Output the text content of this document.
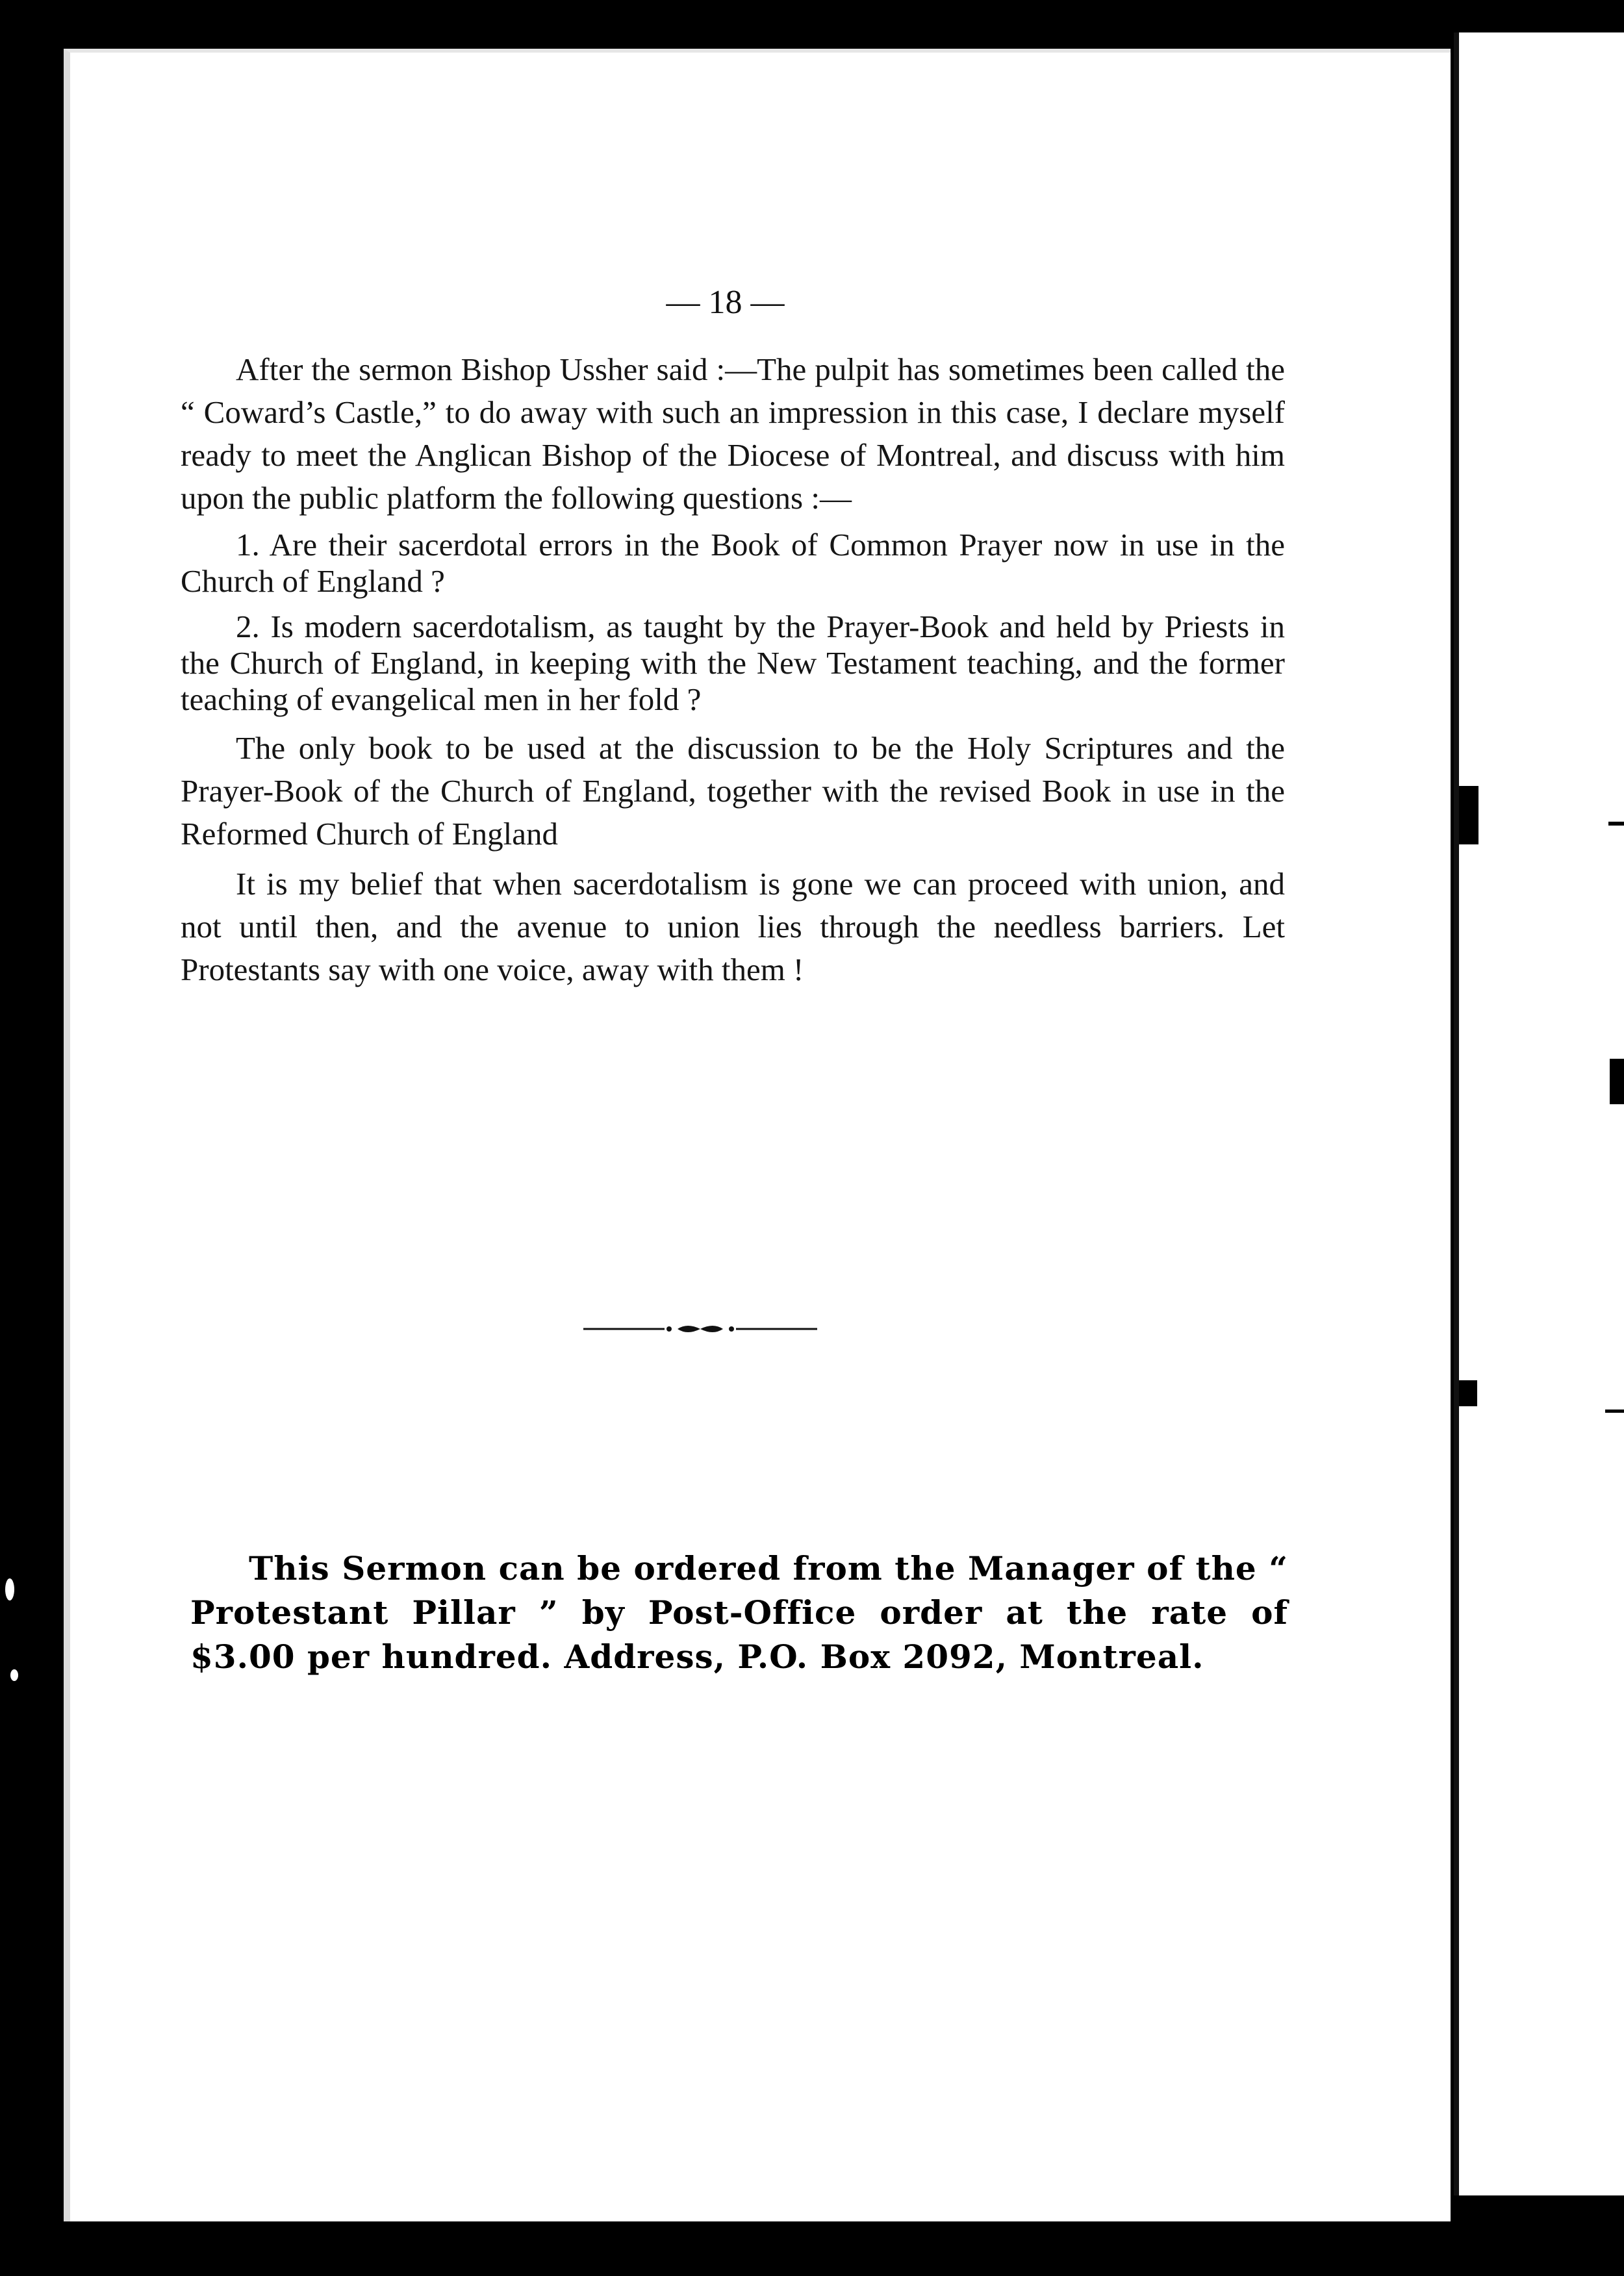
— 18 —

After the sermon Bishop Ussher said :—The pulpit has sometimes been called the “ Coward’s Castle,” to do away with such an impression in this case, I declare myself ready to meet the Anglican Bishop of the Diocese of Montreal, and discuss with him upon the public platform the following questions :—

1. Are their sacerdotal errors in the Book of Common Prayer now in use in the Church of England ?

2. Is modern sacerdotalism, as taught by the Prayer-Book and held by Priests in the Church of England, in keeping with the New Testament teaching, and the former teaching of evangelical men in her fold ?

The only book to be used at the discussion to be the Holy Scriptures and the Prayer-Book of the Church of England, together with the revised Book in use in the Reformed Church of England

It is my belief that when sacerdotalism is gone we can proceed with union, and not until then, and the avenue to union lies through the needless barriers. Let Protestants say with one voice, away with them !

This Sermon can be ordered from the Manager of the “ Protestant Pillar ” by Post-Office order at the rate of $3.00 per hundred. Address, P.O. Box 2092, Montreal.
